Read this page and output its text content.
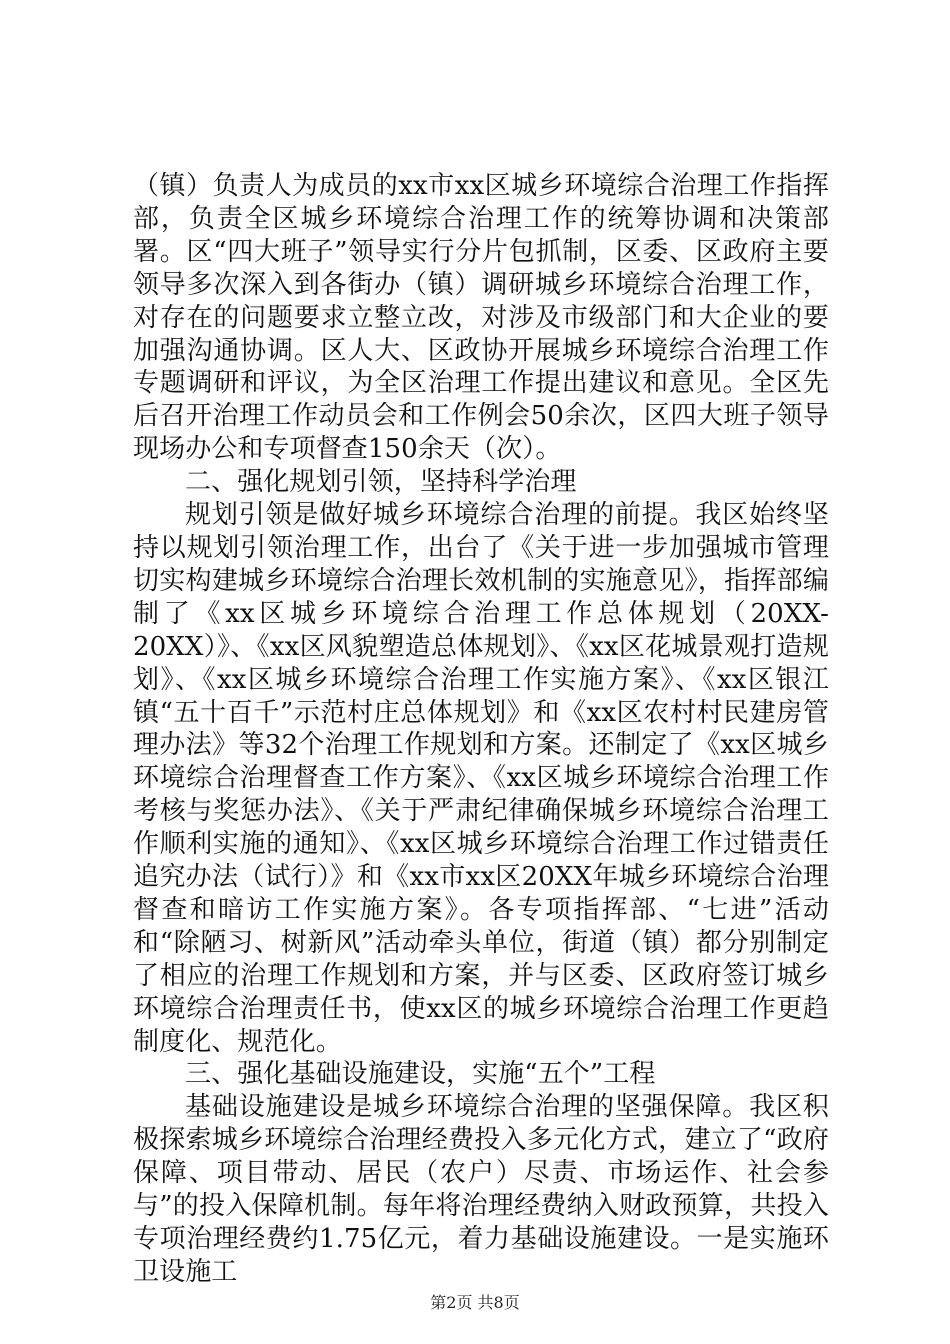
（镇）负责人为成员的xx市xx区城乡环境综合治理工作指挥部，负责全区城乡环境综合治理工作的统筹协调和决策部署。区“四大班子”领导实行分片包抓制，区委、区政府主要领导多次深入到各街办（镇）调研城乡环境综合治理工作，对存在的问题要求立整立改，对涉及市级部门和大企业的要加强沟通协调。区人大、区政协开展城乡环境综合治理工作专题调研和评议，为全区治理工作提出建议和意见。全区先后召开治理工作动员会和工作例会50余次，区四大班子领导现场办公和专项督查150余天（次）。

二、强化规划引领，坚持科学治理

规划引领是做好城乡环境综合治理的前提。我区始终坚持以规划引领治理工作，出台了《关于进一步加强城市管理切实构建城乡环境综合治理长效机制的实施意见》，指挥部编制了《xx区城乡环境综合治理工作总体规划（20XX-20XX）》、《xx区风貌塑造总体规划》、《xx区花城景观打造规划》、《xx区城乡环境综合治理工作实施方案》、《xx区银江镇“五十百千”示范村庄总体规划》和《xx区农村村民建房管理办法》等32个治理工作规划和方案。还制定了《xx区城乡环境综合治理督查工作方案》、《xx区城乡环境综合治理工作考核与奖惩办法》、《关于严肃纪律确保城乡环境综合治理工作顺利实施的通知》、《xx区城乡环境综合治理工作过错责任追究办法（试行）》和《xx市xx区20XX年城乡环境综合治理督查和暗访工作实施方案》。各专项指挥部、“七进”活动和“除陋习、树新风”活动牵头单位，街道（镇）都分别制定了相应的治理工作规划和方案，并与区委、区政府签订城乡环境综合治理责任书，使xx区的城乡环境综合治理工作更趋制度化、规范化。

三、强化基础设施建设，实施“五个”工程

基础设施建设是城乡环境综合治理的坚强保障。我区积极探索城乡环境综合治理经费投入多元化方式，建立了“政府保障、项目带动、居民（农户）尽责、市场运作、社会参与”的投入保障机制。每年将治理经费纳入财政预算，共投入专项治理经费约1.75亿元，着力基础设施建设。一是实施环卫设施工

第2页 共8页
